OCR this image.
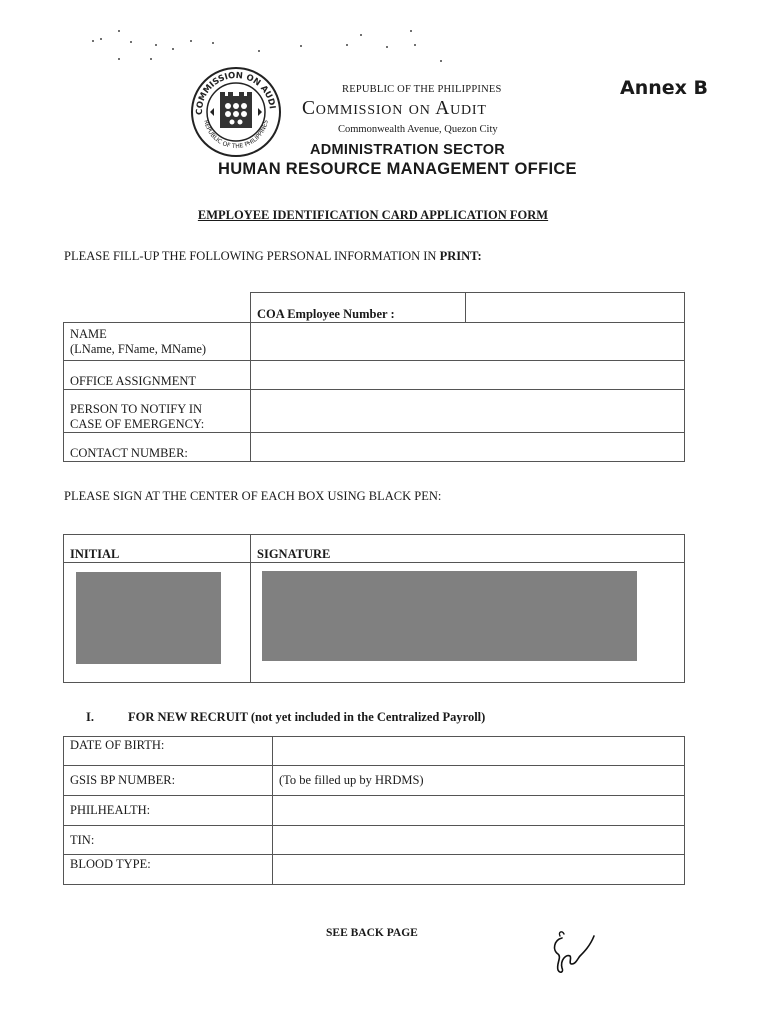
COMMISSION ON AUDI
REPUBLIC OF THE PHILIPPINES
REPUBLIC OF THE PHILIPPINES
Commission on Audit
Commonwealth Avenue, Quezon City
ADMINISTRATION SECTOR
HUMAN RESOURCE MANAGEMENT OFFICE
Annex B
EMPLOYEE IDENTIFICATION CARD APPLICATION FORM
PLEASE FILL-UP THE FOLLOWING PERSONAL INFORMATION IN PRINT:
	COA Employee Number :	

NAME
(LName, FName, MName)		

OFFICE ASSIGNMENT		

PERSON TO NOTIFY IN
CASE OF EMERGENCY:		

CONTACT NUMBER:		
PLEASE SIGN AT THE CENTER OF EACH BOX USING BLACK PEN:
INITIAL	SIGNATURE

I.	FOR NEW RECRUIT (not yet included in the Centralized Payroll)
DATE OF BIRTH:	
GSIS BP NUMBER:	(To be filled up by HRDMS)
PHILHEALTH:	
TIN:	
BLOOD TYPE:	
SEE BACK PAGE
